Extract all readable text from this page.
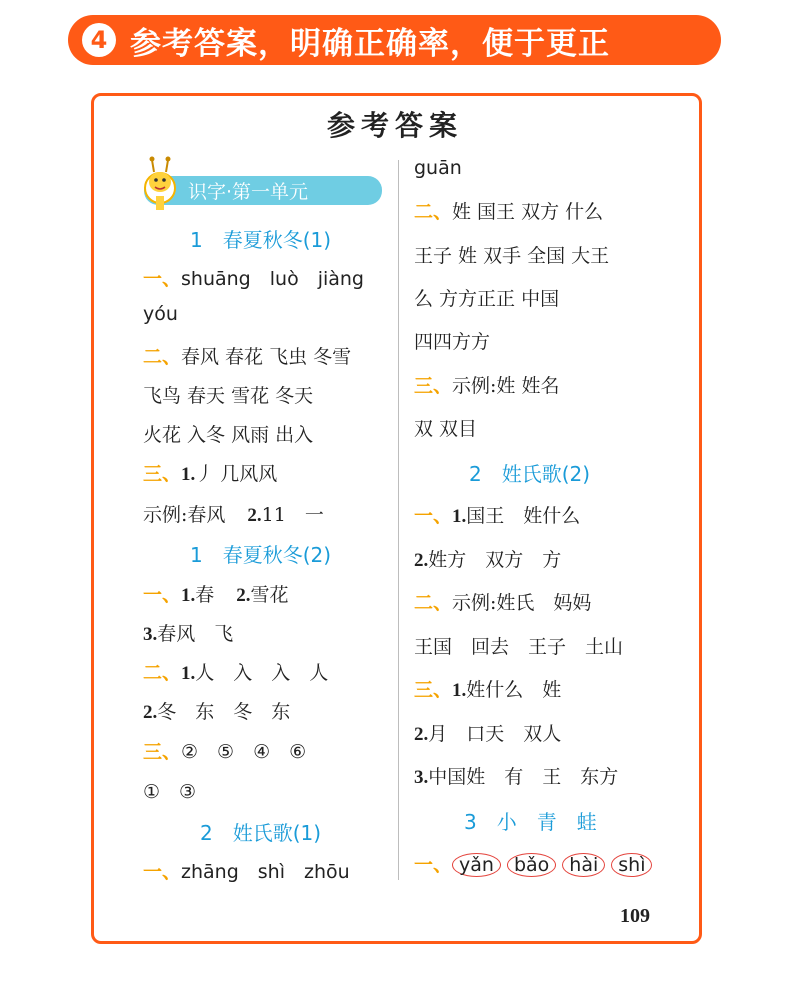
4 参考答案，明确正确率，便于更正
参考答案
识字·第一单元
1　春夏秋冬(1)
一、shuāng　luò　jiàng
yóu
二、春风 春花 飞虫 冬雪
飞鸟 春天 雪花 冬天
火花 入冬 风雨 出入
三、1.丿 几风风
示例:春风 2.11　一
1　春夏秋冬(2)
一、1.春 2.雪花
3.春风　飞
二、1.人　入　入　人
2.冬　东　冬　东
三、②　⑤　④　⑥
①　③
2　姓氏歌(1)
一、zhāng　shì　zhōu
guān
二、姓 国王 双方 什么
王子 姓 双手 全国 大王
么 方方正正 中国
四四方方
三、示例:姓 姓名
双 双目
2　姓氏歌(2)
一、1.国王　姓什么
2.姓方　双方　方
二、示例:姓氏　妈妈
王国　回去　王子　土山
三、1.姓什么　姓
2.月　口天　双人
3.中国姓　有　王　东方
3　小　青　蛙
一、 yǎn bǎo hài shì
109
